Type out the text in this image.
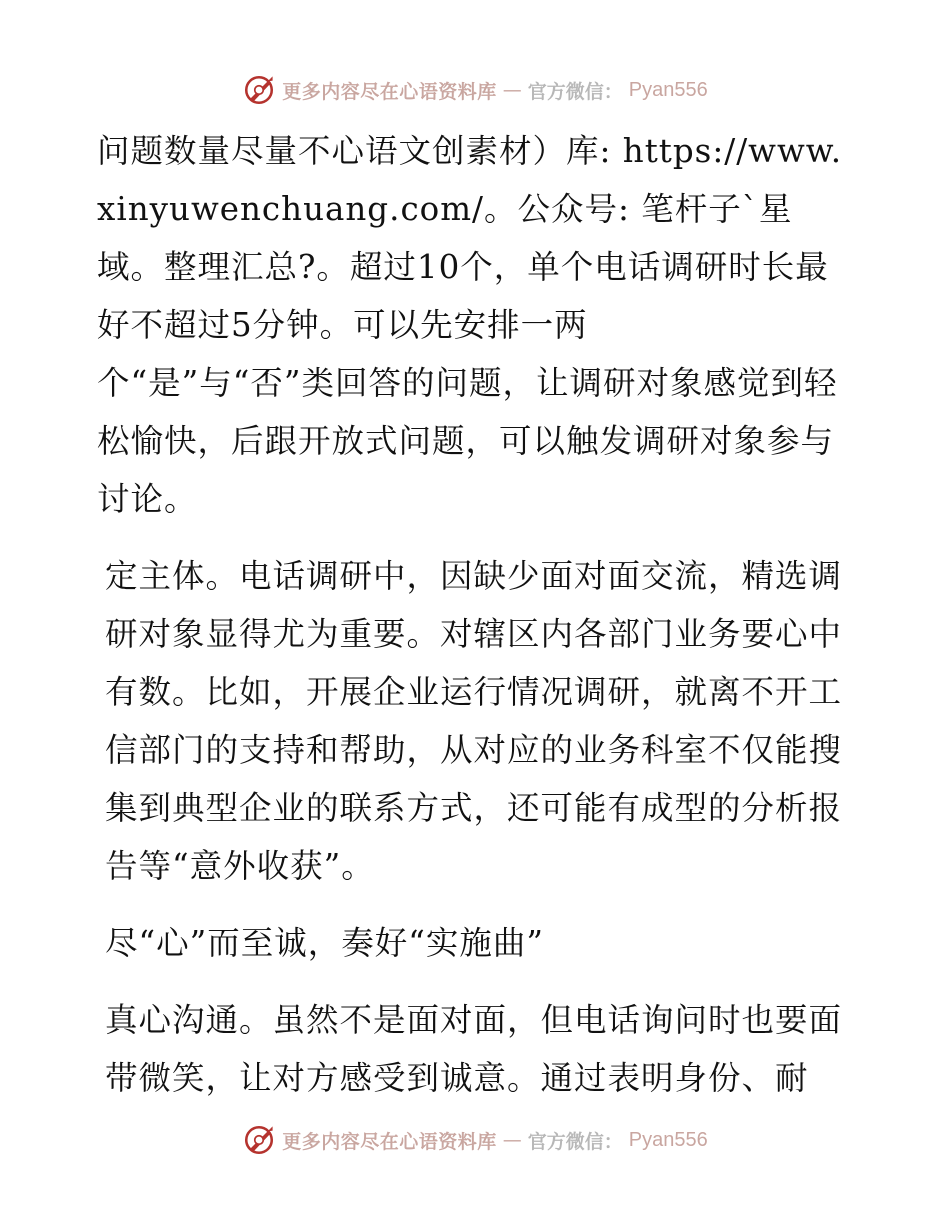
更多内容尽在心语资料库 — 官方微信： Pyan556

问题数量尽量不心语文创素材）库: https://www.xinyuwenchuang.com/。公众号: 笔杆子`星域。整理汇总?。超过10个，单个电话调研时长最好不超过5分钟。可以先安排一两

个“是”与“否”类回答的问题，让调研对象感觉到轻松愉快，后跟开放式问题，可以触发调研对象参与讨论。

定主体。电话调研中，因缺少面对面交流，精选调研对象显得尤为重要。对辖区内各部门业务要心中有数。比如，开展企业运行情况调研，就离不开工信部门的支持和帮助，从对应的业务科室不仅能搜集到典型企业的联系方式，还可能有成型的分析报告等“意外收获”。

尽“心”而至诚，奏好“实施曲”

真心沟通。虽然不是面对面，但电话询问时也要面带微笑，让对方感受到诚意。通过表明身份、耐

更多内容尽在心语资料库 — 官方微信： Pyan556
